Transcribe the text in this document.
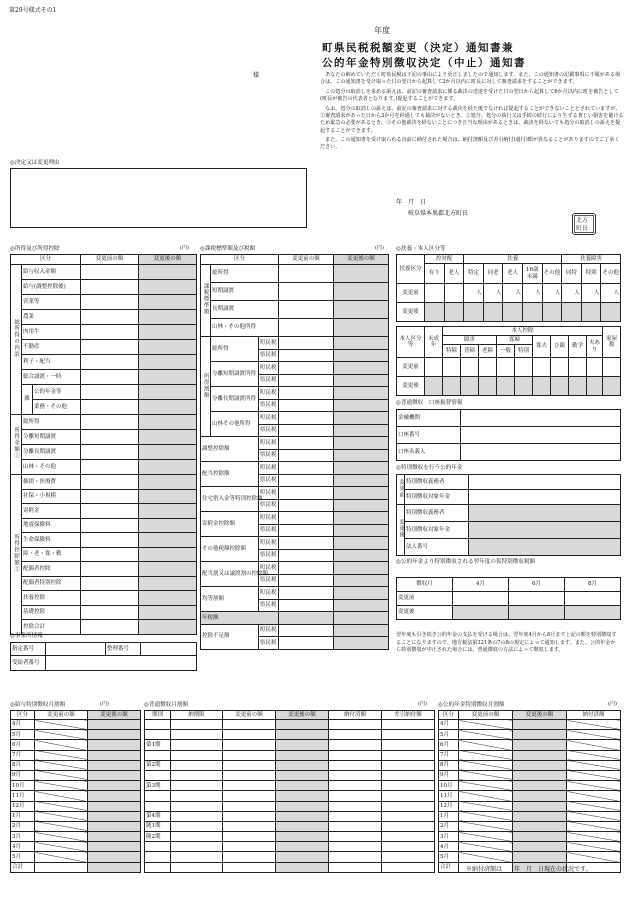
第29号様式その1
年度
町県民税税額変更（決定）通知書兼
公的年金特別徴収決定（中止）通知書
様	あなたの納めていただく町県民税は下記の事由により更正しましたので通知します。また、この通知書の記載事項に不服がある場合は、この通知書を受け取った日の翌日から起算して3か月以内に町長に対して審査請求をすることができます。

この処分の取消しを求める訴えは、前記の審査請求に係る裁決の送達を受けた日の翌日から起算して6か月以内に町を被告として(町長が被告の代表者となります。)提起することができます。

なお、処分の取消しの訴えは、前記の審査請求に対する裁決を経た後でなければ提起することができないこととされていますが、①審査請求があった日から3か月を経過しても裁決がないとき、②処分、処分の執行又は手続の続行により生ずる著しい損害を避けるため緊急の必要があるとき、③その他裁決を経ないことにつき正当な理由があるときは、裁決を経ないでも処分の取消しの訴えを提起することができます。

また、この通知書を受け取られる直前に納付された場合は、納付済額及び差引納付(還付)額が異なることがありますのでご了承ください。

年　月　日
岐阜県本巣郡北方町長
北方
町長
◎決定又は変更理由
◎所得及び所得控除	(円)
区分			変更前の額	変更後の額
総所得の内訳	給与収入金額			
	給与(調整控除後)			
	営業等			
	農業			
	肉用牛			
	不動産			
	利子・配当			
	総合譲渡・一時			
	雑	公的年金等		
		業務・その他		
所得金額①	総所得			
	分離短期譲渡			
	分離長期譲渡			
	山林・その他			
所得控除額②	雑損・医療費			
	社保・小規模			
	寄附金			
	地震保険料			
	生命保険料			
	障・老・寡・勤			
	配偶者控除			
	配偶者特別控除			
	扶養控除			
	基礎控除			
	控除合計			
◎事業所情報
指定番号		整理番号	
受給者番号			
◎課税標準額及び税額	(円)
区分			変更前の額	変更後の額
課税標準額	総所得			
	短期譲渡			
	長期譲渡			
	山林・その他所得			
所得割額	総所得	町民税		
		県民税		
	分離短期譲渡所得	町民税		
		県民税		
	分離長期譲渡所得	町民税		
		県民税		
	山林その他所得	町民税		
		県民税		
調整控除額		町民税		
		県民税		
配当控除額		町民税		
		県民税		
住宅借入金等特別控除額		町民税		
		県民税		
寄附金控除額		町民税		
		県民税		
その他税額控除額		町民税		
		県民税		
配当割又は譲渡割の控除額		町民税		
		県民税		
均等割額		町民税		
		県民税		
年税額				
控除不足額		町民税		
		県民税		
◎扶養・本人区分等
扶養区分	控対配		扶養					扶養障害		
	有り	老人	特定	同老	老人	16歳未満	その他	同特	特別	その他
変更前			人	人	人	人	人	人	人	人
変更後										
本人区分等	未成年	本人控除									家屋数
		障害			寡婦		寡夫	ひ親	勤学	夫あり	
		特障	普障	老障	一般	特別					
変更前											
変更後											
◎普通徴収　口座振替情報
金融機関	
口座番号	
口座名義人	
◎特別徴収を行う公的年金
変更前	特別徴収義務者	
	特別徴収対象年金	
変更後	特別徴収義務者	
	特別徴収対象年金	
	法人番号	
◎公的年金より特別徴収される翌年度の仮特別徴収税額
徴収月	4月	6月	8月
変更前			
変更後			
翌年度も引き続き公的年金の支払を受ける場合は、翌年度4月から8月まで上記の額を特別徴収することになりますので、地方税法第321条の7の8の規定によって通知します。また、公的年金から特別徴収が中止された場合には、普通徴収の方法によって徴収します。
◎給与特別徴収月割額	(円)
区分	変更前の額	変更後の額
4月		
5月		
6月		
7月		
8月		
9月		
10月		
11月		
12月		
1月		
2月		
3月		
4月		
5月		
合計		
◎普通徴収月割額	(円)
期別	納期限	変更前の額	変更後の額	納付済額	差引納付額

第1期					

第2期					

第3期					

第4期					
随1期					
随2期					

◎公的年金特別徴収月割額	(円)
区分	変更前の額	変更後の額	納付済額
4月			
5月			
6月			
7月			
8月			
9月			
10月			
11月			
12月			
1月			
2月			
3月			
4月			
5月			
合計			※納付済額は　　年　月　日現在の状況です。
